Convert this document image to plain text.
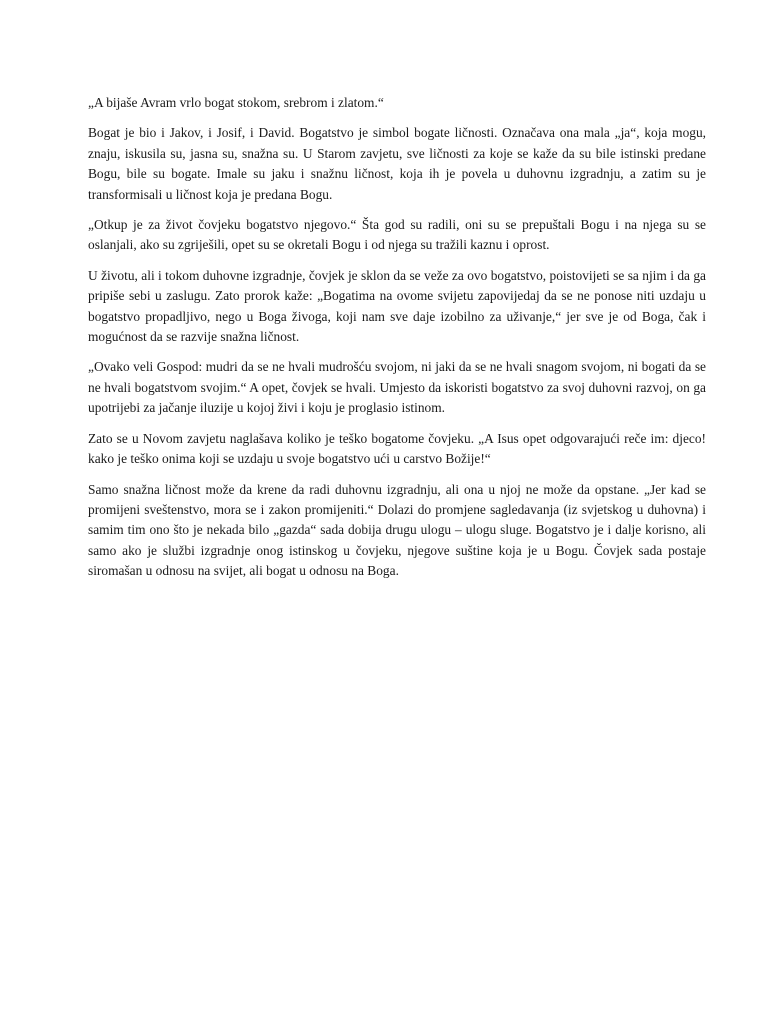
„A bijaše Avram vrlo bogat stokom, srebrom i zlatom.“

Bogat je bio i Jakov, i Josif, i David. Bogatstvo je simbol bogate ličnosti. Označava ona mala „ja“, koja mogu, znaju, iskusila su, jasna su, snažna su. U Starom zavjetu, sve ličnosti za koje se kaže da su bile istinski predane Bogu, bile su bogate. Imale su jaku i snažnu ličnost, koja ih je povela u duhovnu izgradnju, a zatim su je transformisali u ličnost koja je predana Bogu.

„Otkup je za život čovjeku bogatstvo njegovo.“ Šta god su radili, oni su se prepuštali Bogu i na njega su se oslanjali, ako su zgriješili, opet su se okretali Bogu i od njega su tražili kaznu i oprost.

U životu, ali i tokom duhovne izgradnje, čovjek je sklon da se veže za ovo bogatstvo, poistovijeti se sa njim i da ga pripiše sebi u zaslugu. Zato prorok kaže: „Bogatima na ovome svijetu zapovijedaj da se ne ponose niti uzdaju u bogatstvo propadljivo, nego u Boga živoga, koji nam sve daje izobilno za uživanje,“ jer sve je od Boga, čak i mogućnost da se razvije snažna ličnost.

„Ovako veli Gospod: mudri da se ne hvali mudrošću svojom, ni jaki da se ne hvali snagom svojom, ni bogati da se ne hvali bogatstvom svojim.“ A opet, čovjek se hvali. Umjesto da iskoristi bogatstvo za svoj duhovni razvoj, on ga upotrijebi za jačanje iluzije u kojoj živi i koju je proglasio istinom.

Zato se u Novom zavjetu naglašava koliko je teško bogatome čovjeku. „A Isus opet odgovarajući reče im: djeco! kako je teško onima koji se uzdaju u svoje bogatstvo ući u carstvo Božije!“

Samo snažna ličnost može da krene da radi duhovnu izgradnju, ali ona u njoj ne može da opstane. „Jer kad se promijeni sveštenstvo, mora se i zakon promijeniti.“ Dolazi do promjene sagledavanja (iz svjetskog u duhovna) i samim tim ono što je nekada bilo „gazda“ sada dobija drugu ulogu – ulogu sluge. Bogatstvo je i dalje korisno, ali samo ako je službi izgradnje onog istinskog u čovjeku, njegove suštine koja je u Bogu. Čovjek sada postaje siromašan u odnosu na svijet, ali bogat u odnosu na Boga.
